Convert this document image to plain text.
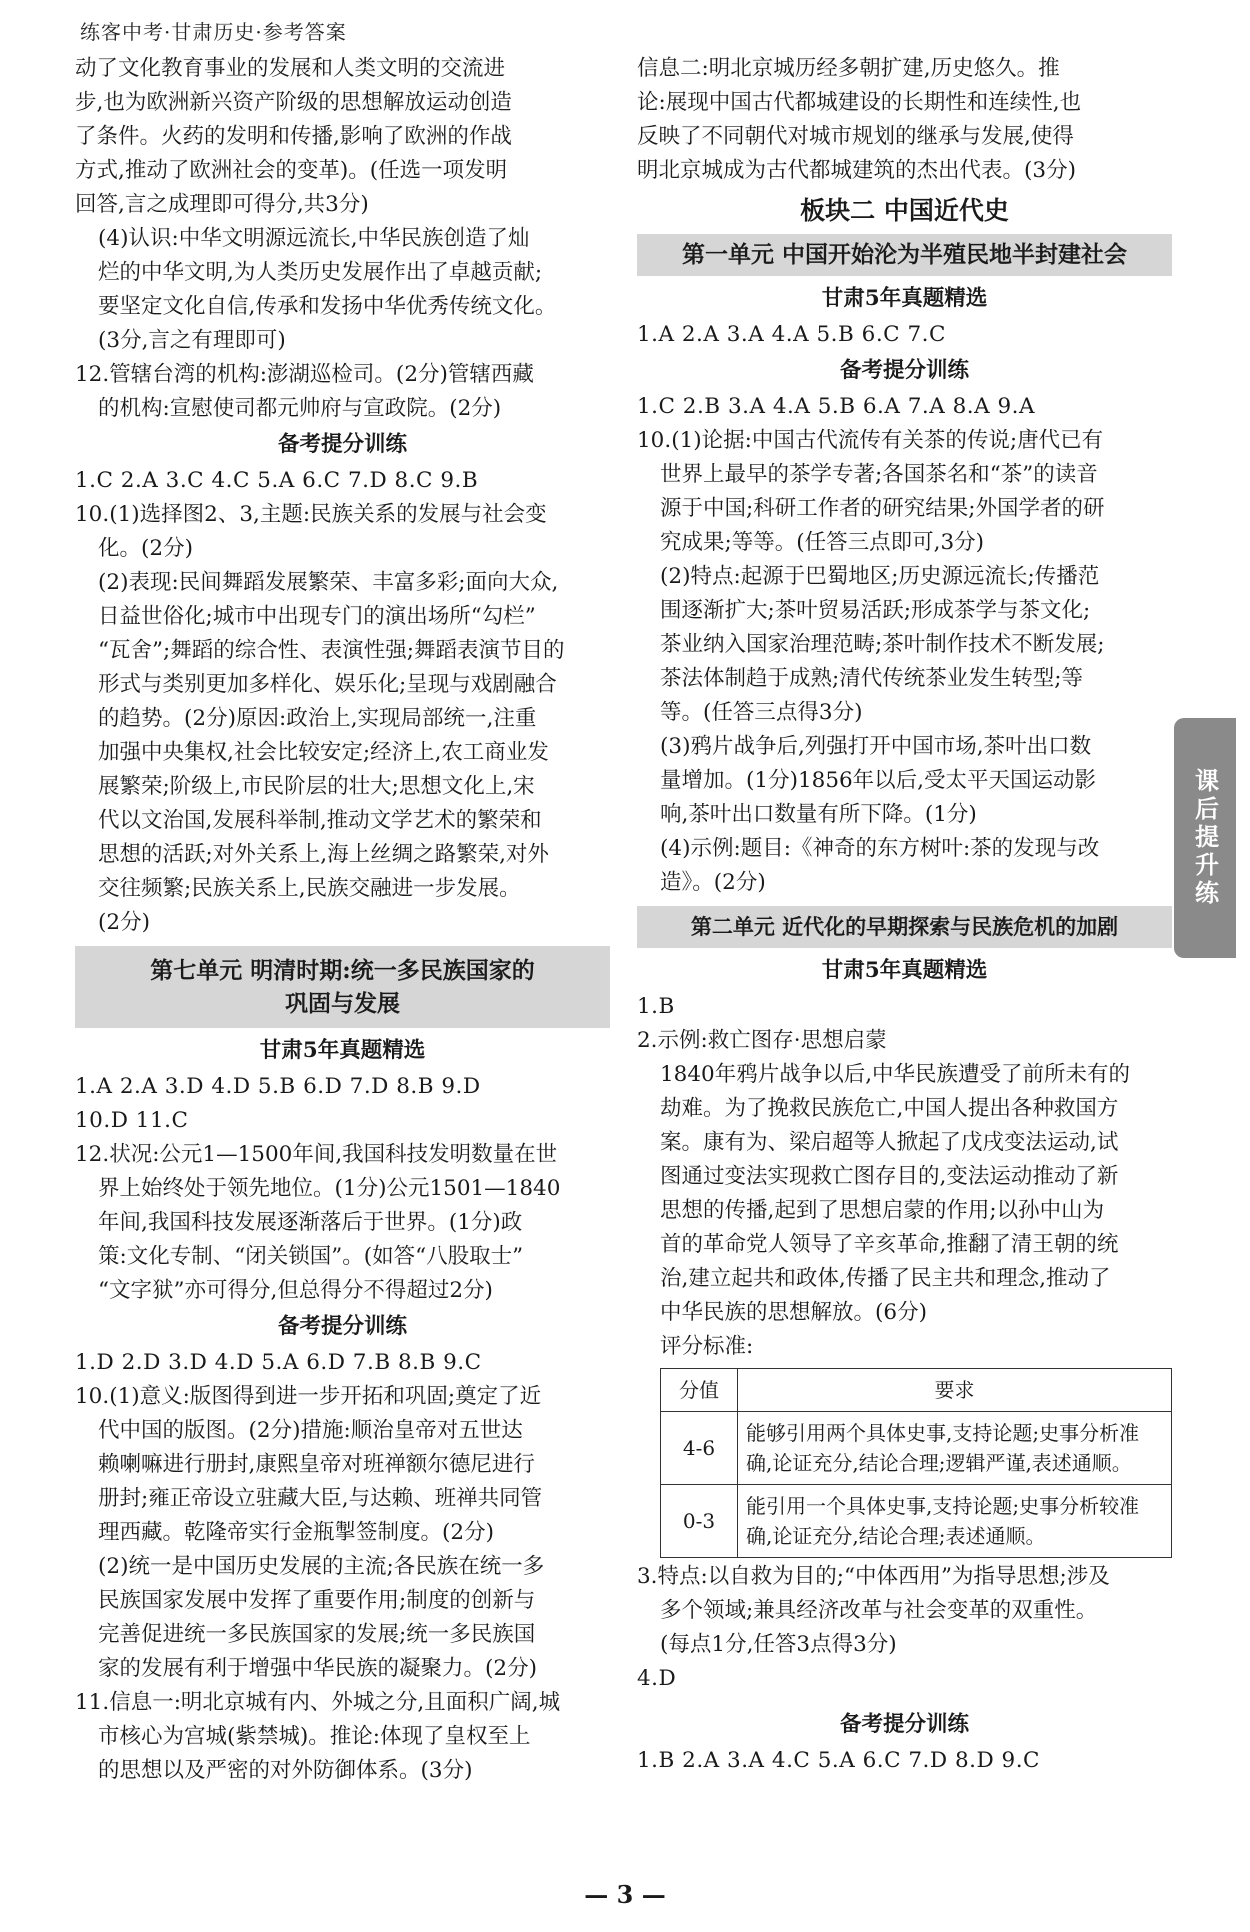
练客中考·甘肃历史·参考答案

动了文化教育事业的发展和人类文明的交流进

步,也为欧洲新兴资产阶级的思想解放运动创造

了条件。火药的发明和传播,影响了欧洲的作战

方式,推动了欧洲社会的变革)。(任选一项发明

回答,言之成理即可得分,共3分)

(4)认识:中华文明源远流长,中华民族创造了灿

烂的中华文明,为人类历史发展作出了卓越贡献;

要坚定文化自信,传承和发扬中华优秀传统文化。

(3分,言之有理即可)

12.管辖台湾的机构:澎湖巡检司。(2分)管辖西藏

的机构:宣慰使司都元帅府与宣政院。(2分)

备考提分训练

1.C 2.A 3.C 4.C 5.A 6.C 7.D 8.C 9.B

10.(1)选择图2、3,主题:民族关系的发展与社会变

化。(2分)

(2)表现:民间舞蹈发展繁荣、丰富多彩;面向大众,

日益世俗化;城市中出现专门的演出场所“勾栏”

“瓦舍”;舞蹈的综合性、表演性强;舞蹈表演节目的

形式与类别更加多样化、娱乐化;呈现与戏剧融合

的趋势。(2分)原因:政治上,实现局部统一,注重

加强中央集权,社会比较安定;经济上,农工商业发

展繁荣;阶级上,市民阶层的壮大;思想文化上,宋

代以文治国,发展科举制,推动文学艺术的繁荣和

思想的活跃;对外关系上,海上丝绸之路繁荣,对外

交往频繁;民族关系上,民族交融进一步发展。

(2分)

第七单元 明清时期:统一多民族国家的
巩固与发展
甘肃5年真题精选

1.A 2.A 3.D 4.D 5.B 6.D 7.D 8.B 9.D

10.D 11.C

12.状况:公元1—1500年间,我国科技发明数量在世

界上始终处于领先地位。(1分)公元1501—1840

年间,我国科技发展逐渐落后于世界。(1分)政

策:文化专制、“闭关锁国”。(如答“八股取士”

“文字狱”亦可得分,但总得分不得超过2分)

备考提分训练

1.D 2.D 3.D 4.D 5.A 6.D 7.B 8.B 9.C

10.(1)意义:版图得到进一步开拓和巩固;奠定了近

代中国的版图。(2分)措施:顺治皇帝对五世达

赖喇嘛进行册封,康熙皇帝对班禅额尔德尼进行

册封;雍正帝设立驻藏大臣,与达赖、班禅共同管

理西藏。乾隆帝实行金瓶掣签制度。(2分)

(2)统一是中国历史发展的主流;各民族在统一多

民族国家发展中发挥了重要作用;制度的创新与

完善促进统一多民族国家的发展;统一多民族国

家的发展有利于增强中华民族的凝聚力。(2分)

11.信息一:明北京城有内、外城之分,且面积广阔,城

市核心为宫城(紫禁城)。推论:体现了皇权至上

的思想以及严密的对外防御体系。(3分)

信息二:明北京城历经多朝扩建,历史悠久。推

论:展现中国古代都城建设的长期性和连续性,也

反映了不同朝代对城市规划的继承与发展,使得

明北京城成为古代都城建筑的杰出代表。(3分)

板块二 中国近代史
第一单元 中国开始沦为半殖民地半封建社会
甘肃5年真题精选

1.A 2.A 3.A 4.A 5.B 6.C 7.C

备考提分训练

1.C 2.B 3.A 4.A 5.B 6.A 7.A 8.A 9.A

10.(1)论据:中国古代流传有关茶的传说;唐代已有

世界上最早的茶学专著;各国茶名和“茶”的读音

源于中国;科研工作者的研究结果;外国学者的研

究成果;等等。(任答三点即可,3分)

(2)特点:起源于巴蜀地区;历史源远流长;传播范

围逐渐扩大;茶叶贸易活跃;形成茶学与茶文化;

茶业纳入国家治理范畴;茶叶制作技术不断发展;

茶法体制趋于成熟;清代传统茶业发生转型;等

等。(任答三点得3分)

(3)鸦片战争后,列强打开中国市场,茶叶出口数

量增加。(1分)1856年以后,受太平天国运动影

响,茶叶出口数量有所下降。(1分)

(4)示例:题目:《神奇的东方树叶:茶的发现与改

造》。(2分)

第二单元 近代化的早期探索与民族危机的加剧
甘肃5年真题精选

1.B

2.示例:救亡图存·思想启蒙

1840年鸦片战争以后,中华民族遭受了前所未有的

劫难。为了挽救民族危亡,中国人提出各种救国方

案。康有为、梁启超等人掀起了戊戌变法运动,试

图通过变法实现救亡图存目的,变法运动推动了新

思想的传播,起到了思想启蒙的作用;以孙中山为

首的革命党人领导了辛亥革命,推翻了清王朝的统

治,建立起共和政体,传播了民主共和理念,推动了

中华民族的思想解放。(6分)

评分标准:

分值	要求
4-6	能够引用两个具体史事,支持论题;史事分析准确,论证充分,结论合理;逻辑严谨,表述通顺。
0-3	能引用一个具体史事,支持论题;史事分析较准确,论证充分,结论合理;表述通顺。

3.特点:以自救为目的;“中体西用”为指导思想;涉及

多个领域;兼具经济改革与社会变革的双重性。

(每点1分,任答3点得3分)

4.D

备考提分训练

1.B 2.A 3.A 4.C 5.A 6.C 7.D 8.D 9.C

课后提升练
— 3 —
